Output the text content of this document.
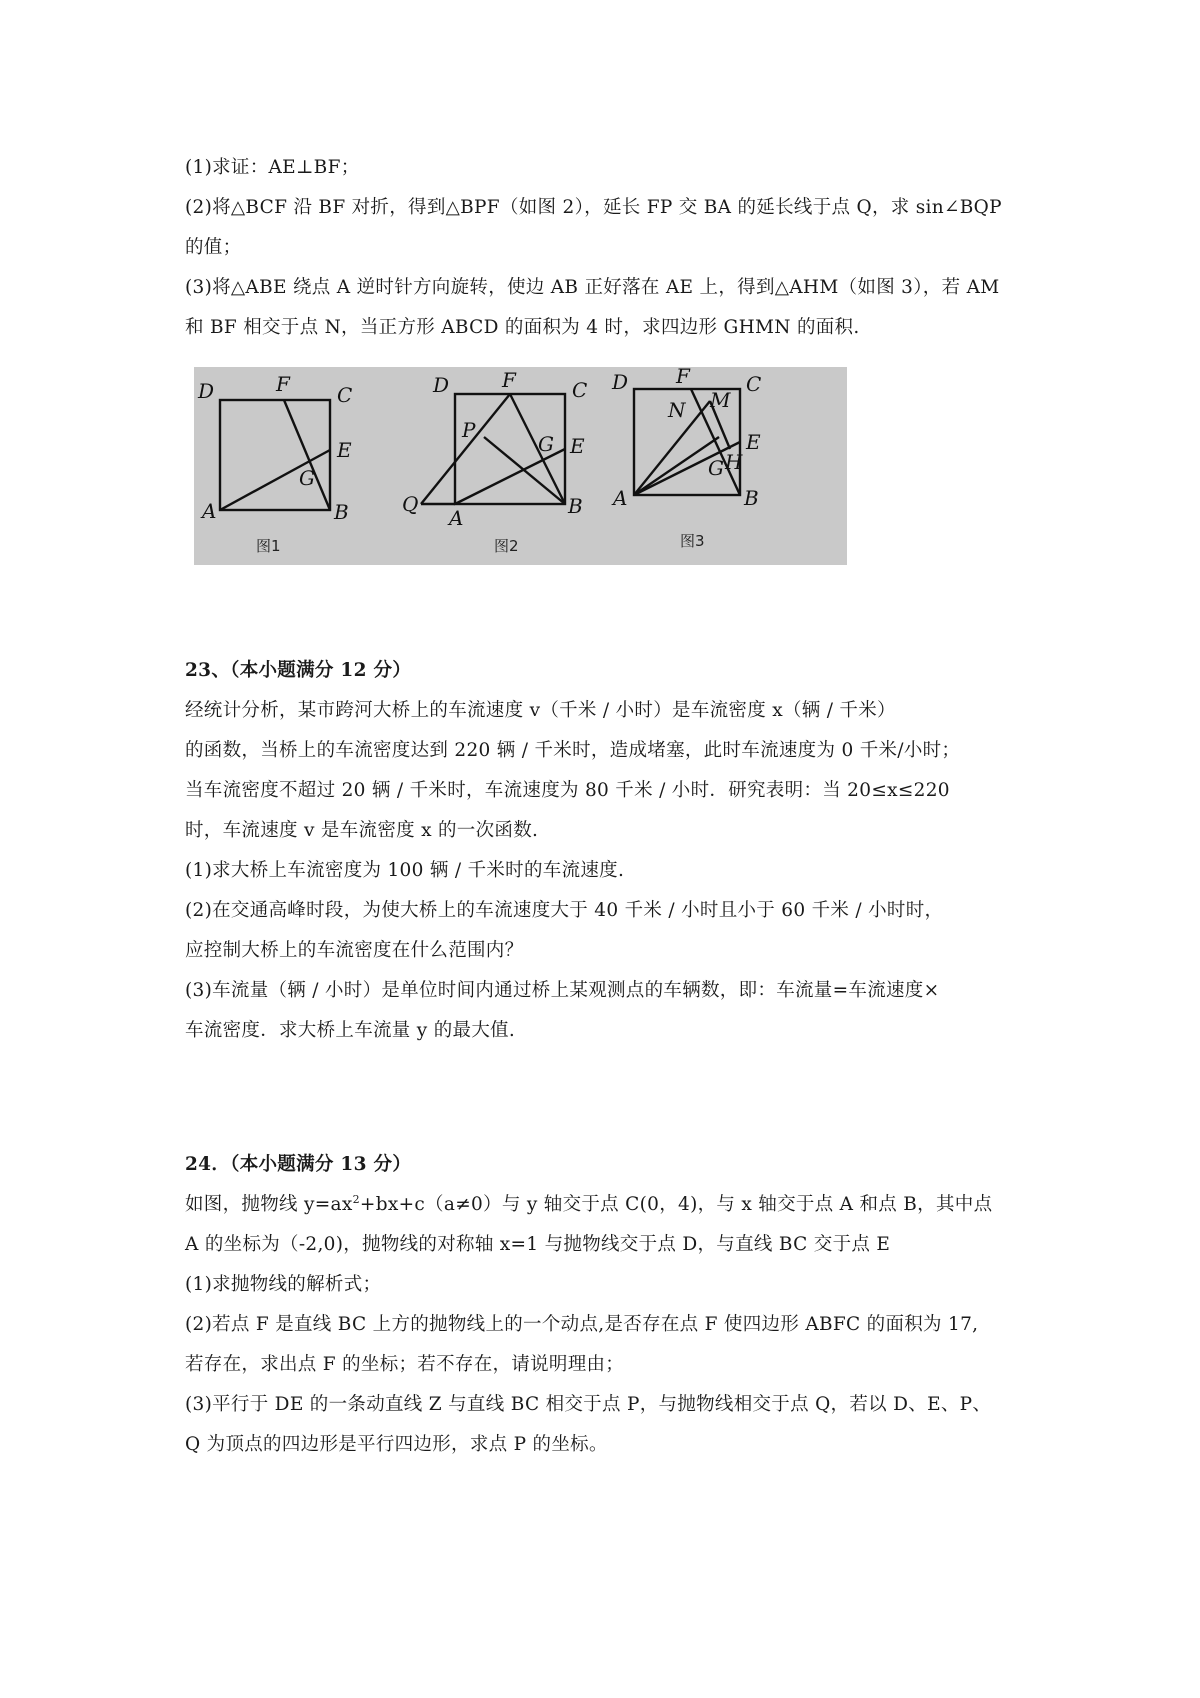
(1)求证：AE⊥BF；
(2)将△BCF 沿 BF 对折，得到△BPF（如图 2），延长 FP 交 BA 的延长线于点 Q，求 sin∠BQP
的值；
(3)将△ABE 绕点 A 逆时针方向旋转，使边 AB 正好落在 AE 上，得到△AHM（如图 3），若 AM
和 BF 相交于点 N，当正方形 ABCD 的面积为 4 时，求四边形 GHMN 的面积.
D	F C
E
G
A	B
图1
D	F	C
P
G E
Q
A	B
图2
D F	C
N M
E
G H
A	B
图3
23、（本小题满分 12 分）
经统计分析，某市跨河大桥上的车流速度 v（千米 / 小时）是车流密度 x（辆 / 千米）
的函数，当桥上的车流密度达到 220 辆 / 千米时，造成堵塞，此时车流速度为 0 千米/小时；
当车流密度不超过 20 辆 / 千米时，车流速度为 80 千米 / 小时．研究表明：当 20≤x≤220
时，车流速度 v 是车流密度 x 的一次函数.
(1)求大桥上车流密度为 100 辆 / 千米时的车流速度.
(2)在交通高峰时段，为使大桥上的车流速度大于 40 千米 / 小时且小于 60 千米 / 小时时，
应控制大桥上的车流密度在什么范围内？
(3)车流量（辆 / 小时）是单位时间内通过桥上某观测点的车辆数，即：车流量=车流速度×
车流密度．求大桥上车流量 y 的最大值.
24．（本小题满分 13 分）
如图，抛物线 $y=ax^2+bx+c(a\ne 0)$与 y 轴交于点 C(0，4)，与 x 轴交于点 A 和点 B，其中点
A 的坐标为（-2,0)，抛物线的对称轴 x=1 与抛物线交于点 D，与直线 BC 交于点 E
(1)求抛物线的解析式；
(2)若点 F 是直线 BC 上方的抛物线上的一个动点,是否存在点 F 使四边形 ABFC 的面积为 17,
若存在，求出点 F 的坐标；若不存在，请说明理由；
(3)平行于 DE 的一条动直线 Z 与直线 BC 相交于点 P，与抛物线相交于点 Q，若以 D、E、P、
Q 为顶点的四边形是平行四边形，求点 P 的坐标。
